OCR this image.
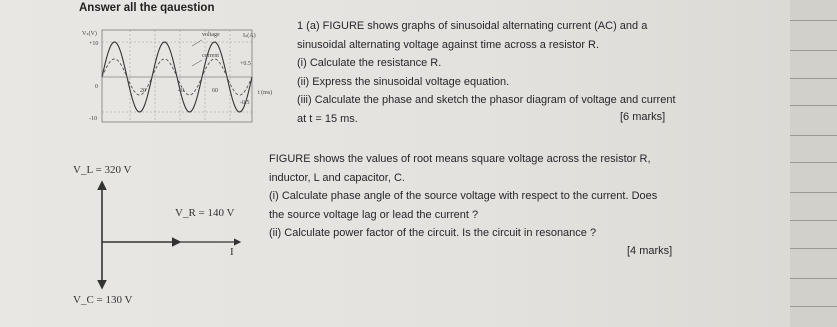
Answer all the qauestion
Vₛ(V)
+10
0
-10
Iₛ(A)
+0.5
-0.5
t (ms)
20	40	60
voltage
current
V_L = 320 V
V_R = 140 V
I
V_C = 130 V
1 (a) FIGURE shows graphs of sinusoidal alternating current (AC) and a
sinusoidal alternating voltage against time across a resistor R.
(i) Calculate the resistance R.
(ii) Express the sinusoidal voltage equation.
(iii) Calculate the phase and sketch the phasor diagram of voltage and current
at t = 15 ms.	[6 marks]
FIGURE shows the values of root means square voltage across the resistor R,
inductor, L and capacitor, C.
(i) Calculate phase angle of the source voltage with respect to the current. Does
the source voltage lag or lead the current ?
(ii) Calculate power factor of the circuit. Is the circuit in resonance ?
[4 marks]
